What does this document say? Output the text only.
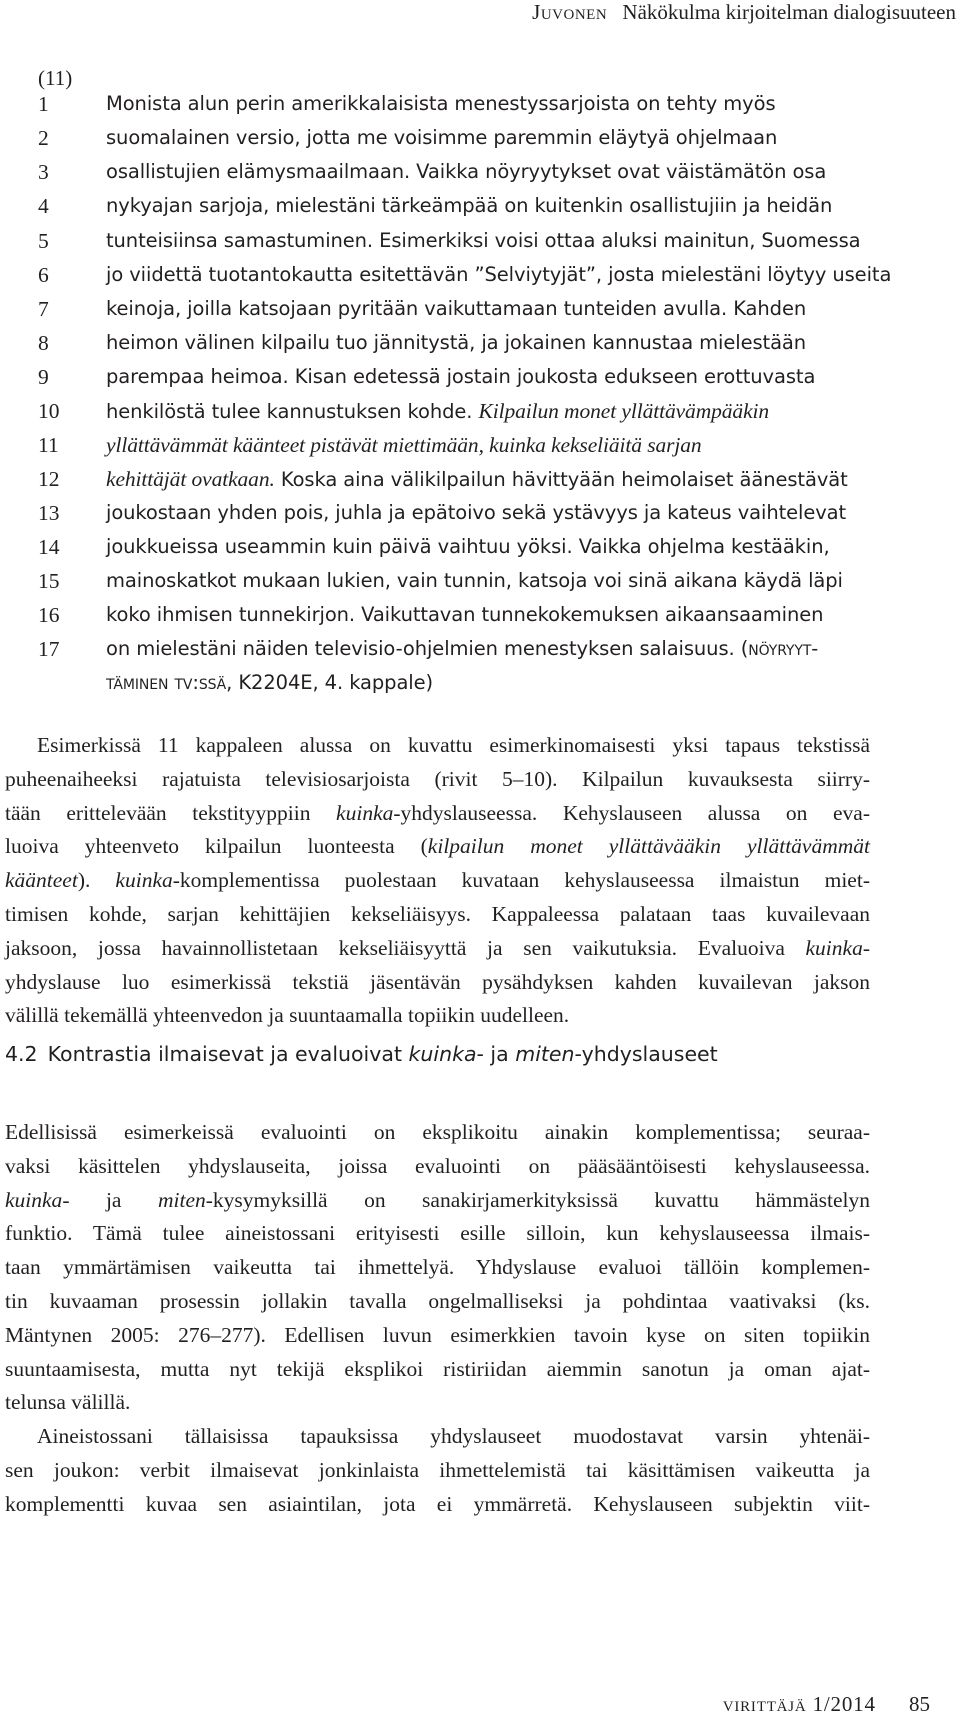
Juvonen Näkökulma kirjoitelman dialogisuuteen
(11)
1	Monista alun perin amerikkalaisista menestyssarjoista on tehty myös
2	suomalainen versio, jotta me voisimme paremmin eläytyä ohjelmaan
3	osallistujien elämysmaailmaan. Vaikka nöyryytykset ovat väistämätön osa
4	nykyajan sarjoja, mielestäni tärkeämpää on kuitenkin osallistujiin ja heidän
5	tunteisiinsa samastuminen. Esimerkiksi voisi ottaa aluksi mainitun, Suomessa
6	jo viidettä tuotantokautta esitettävän ”Selviytyjät”, josta mielestäni löytyy useita
7	keinoja, joilla katsojaan pyritään vaikuttamaan tunteiden avulla. Kahden
8	heimon välinen kilpailu tuo jännitystä, ja jokainen kannustaa mielestään
9	parempaa heimoa. Kisan edetessä jostain joukosta edukseen erottuvasta
10	henkilöstä tulee kannustuksen kohde. Kilpailun monet yllättävämpääkin
11	yllättävämmät käänteet pistävät miettimään, kuinka kekseliäitä sarjan
12	kehittäjät ovatkaan. Koska aina välikilpailun hävittyään heimolaiset äänestävät
13	joukostaan yhden pois, juhla ja epätoivo sekä ystävyys ja kateus vaihtelevat
14	joukkueissa useammin kuin päivä vaihtuu yöksi. Vaikka ohjelma kestääkin,
15	mainoskatkot mukaan lukien, vain tunnin, katsoja voi sinä aikana käydä läpi
16	koko ihmisen tunnekirjon. Vaikuttavan tunnekokemuksen aikaansaaminen
17	on mielestäni näiden televisio-ohjelmien menestyksen salaisuus. (nöyryyt-
täminen tv:ssä, K2204E, 4. kappale)

Esimerkissä 11 kappaleen alussa on kuvattu esimerkinomaisesti yksi tapaus tekstissä
puheenaiheeksi rajatuista televisiosarjoista (rivit 5–10). Kilpailun kuvauksesta siirry-
tään erittelevään tekstityyppiin kuinka-yhdyslauseessa. Kehyslauseen alussa on eva-
luoiva yhteenveto kilpailun luonteesta (kilpailun monet yllättävääkin yllättävämmät
käänteet). kuinka-komplementissa puolestaan kuvataan kehyslauseessa ilmaistun miet-
timisen kohde, sarjan kehittäjien kekseliäisyys. Kappaleessa palataan taas kuvailevaan
jaksoon, jossa havainnollistetaan kekseliäisyyttä ja sen vaikutuksia. Evaluoiva kuinka-
yhdyslause luo esimerkissä tekstiä jäsentävän pysähdyksen kahden kuvailevan jakson
välillä tekemällä yhteenvedon ja suuntaamalla topiikin uudelleen.

4.2 Kontrastia ilmaisevat ja evaluoivat kuinka- ja miten-yhdyslauseet

Edellisissä esimerkeissä evaluointi on eksplikoitu ainakin komplementissa; seuraa-
vaksi käsittelen yhdyslauseita, joissa evaluointi on pääsääntöisesti kehyslauseessa.
kuinka- ja miten-kysymyksillä on sanakirjamerkityksissä kuvattu hämmästelyn
funktio. Tämä tulee aineistossani erityisesti esille silloin, kun kehyslauseessa ilmais-
taan ymmärtämisen vaikeutta tai ihmettelyä. Yhdyslause evaluoi tällöin komplemen-
tin kuvaaman prosessin jollakin tavalla ongelmalliseksi ja pohdintaa vaativaksi (ks.
Mäntynen 2005: 276–277). Edellisen luvun esimerkkien tavoin kyse on siten topiikin
suuntaamisesta, mutta nyt tekijä eksplikoi ristiriidan aiemmin sanotun ja oman ajat-
telunsa välillä.

Aineistossani tällaisissa tapauksissa yhdyslauseet muodostavat varsin yhtenäi-
sen joukon: verbit ilmaisevat jonkinlaista ihmettelemistä tai käsittämisen vaikeutta ja
komplementti kuvaa sen asiaintilan, jota ei ymmärretä. Kehyslauseen subjektin viit-

virittäjä 1/2014 85
